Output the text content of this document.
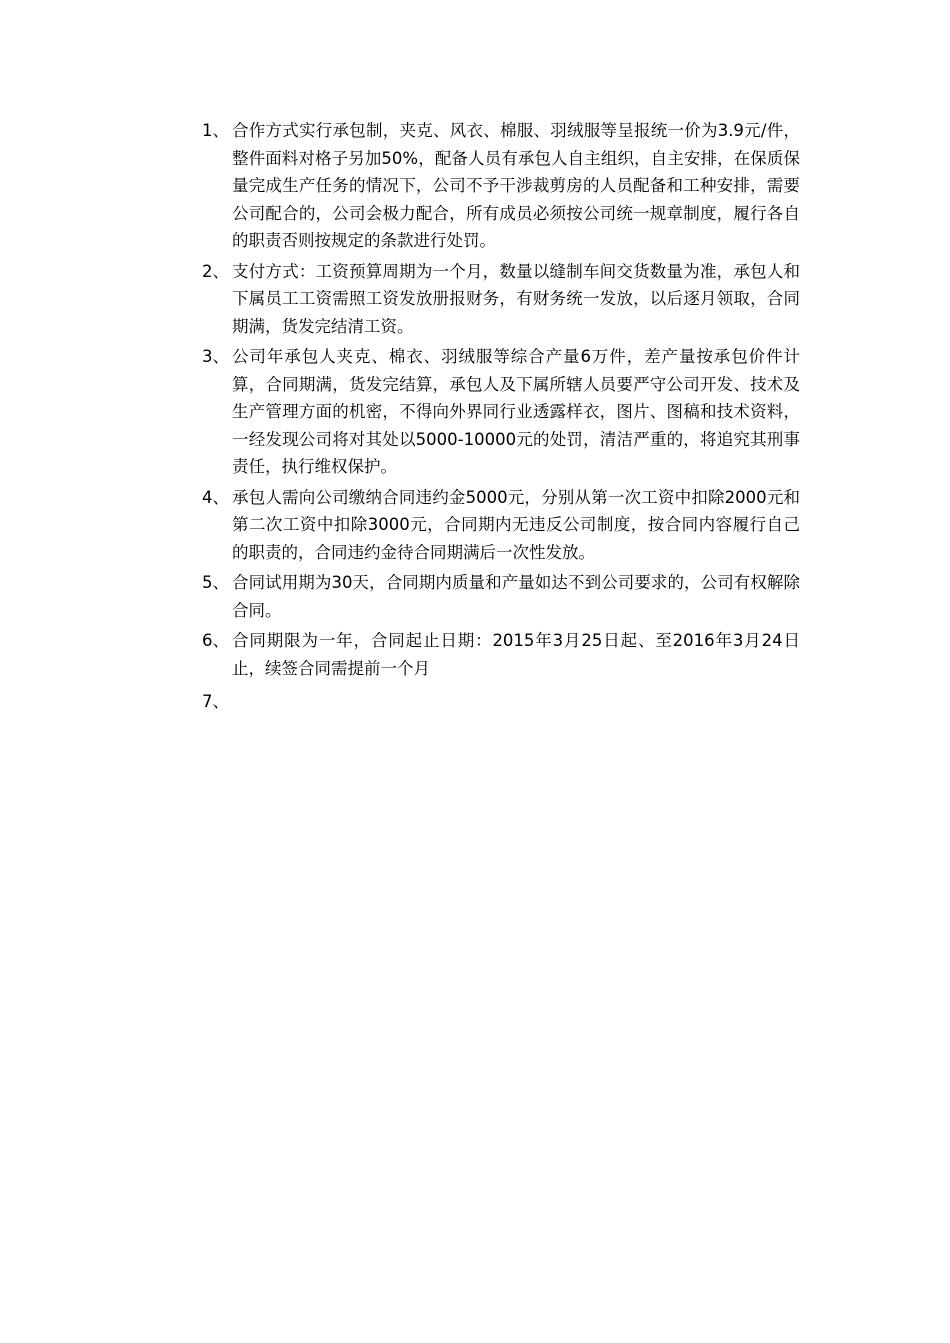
1、 合作方式实行承包制，夹克、风衣、棉服、羽绒服等呈报统一价为3.9元/件，整件面料对格子另加50%，配备人员有承包人自主组织，自主安排，在保质保量完成生产任务的情况下，公司不予干涉裁剪房的人员配备和工种安排，需要公司配合的，公司会极力配合，所有成员必须按公司统一规章制度，履行各自的职责否则按规定的条款进行处罚。
2、 支付方式：工资预算周期为一个月，数量以缝制车间交货数量为准，承包人和下属员工工资需照工资发放册报财务，有财务统一发放，以后逐月领取，合同期满，货发完结清工资。
3、 公司年承包人夹克、棉衣、羽绒服等综合产量6万件，差产量按承包价件计算，合同期满，货发完结算，承包人及下属所辖人员要严守公司开发、技术及生产管理方面的机密，不得向外界同行业透露样衣，图片、图稿和技术资料，一经发现公司将对其处以5000-10000元的处罚，清洁严重的，将追究其刑事责任，执行维权保护。
4、 承包人需向公司缴纳合同违约金5000元，分别从第一次工资中扣除2000元和第二次工资中扣除3000元，合同期内无违反公司制度，按合同内容履行自己的职责的，合同违约金待合同期满后一次性发放。
5、 合同试用期为30天，合同期内质量和产量如达不到公司要求的，公司有权解除合同。
6、 合同期限为一年，合同起止日期：2015年3月25日起、至2016年3月24日止，续签合同需提前一个月
7、
